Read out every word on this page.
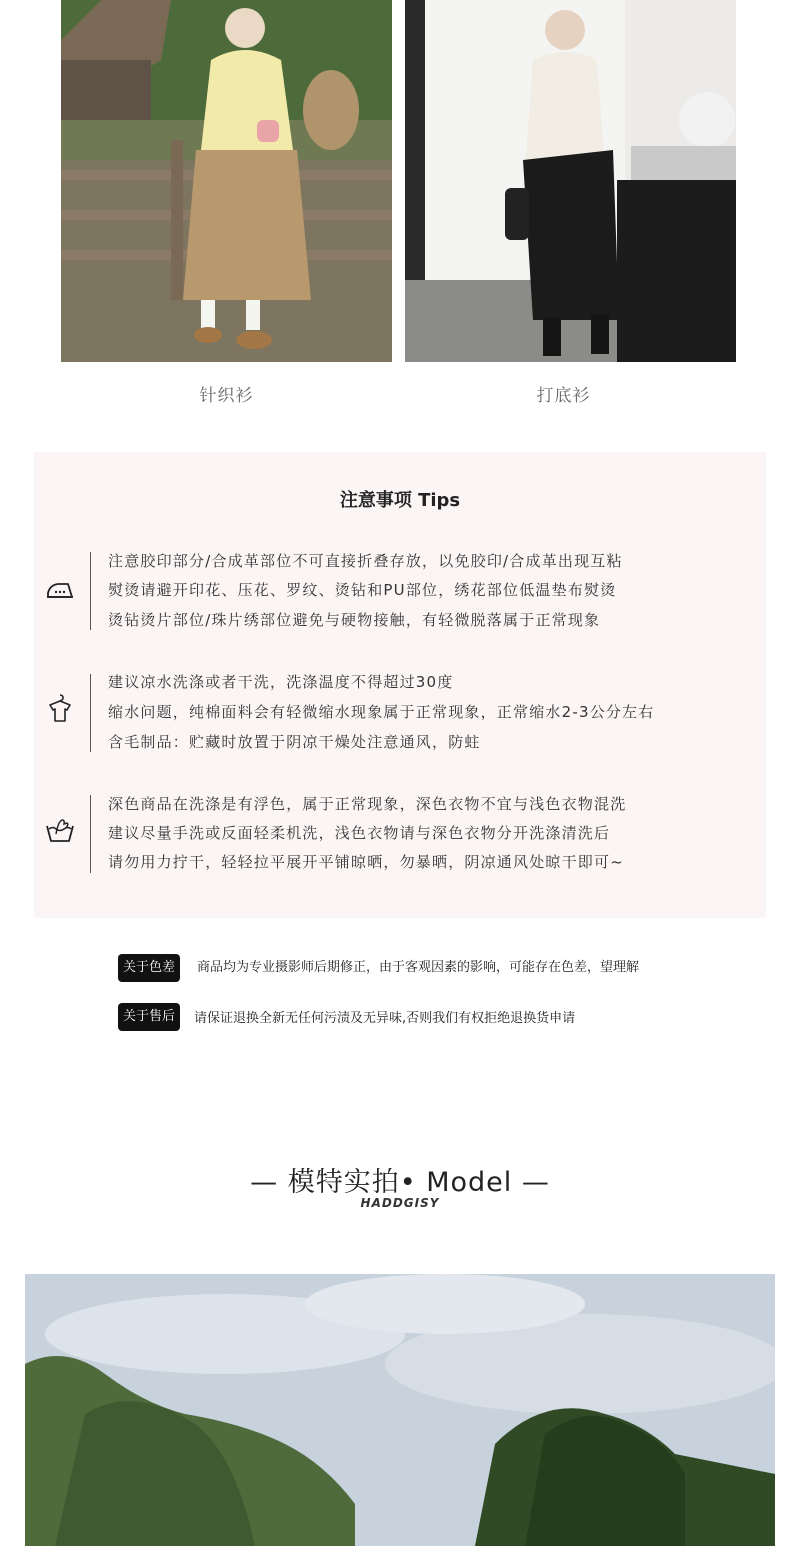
针织衫	打底衫
注意事项 Tips
注意胶印部分/合成革部位不可直接折叠存放，以免胶印/合成革出现互粘
熨烫请避开印花、压花、罗纹、烫钻和PU部位，绣花部位低温垫布熨烫
烫钻烫片部位/珠片绣部位避免与硬物接触，有轻微脱落属于正常现象
建议凉水洗涤或者干洗，洗涤温度不得超过30度
缩水问题，纯棉面料会有轻微缩水现象属于正常现象，正常缩水2-3公分左右
含毛制品：贮藏时放置于阴凉干燥处注意通风，防蛀
深色商品在洗涤是有浮色，属于正常现象，深色衣物不宜与浅色衣物混洗
建议尽量手洗或反面轻柔机洗，浅色衣物请与深色衣物分开洗涤清洗后
请勿用力拧干，轻轻拉平展开平铺晾晒，勿暴晒，阴凉通风处晾干即可~
关于色差	商品均为专业摄影师后期修正，由于客观因素的影响，可能存在色差，望理解
关于售后	请保证退换全新无任何污渍及无异味,否则我们有权拒绝退换货申请
— 模特实拍• Model —
HADDGISY
